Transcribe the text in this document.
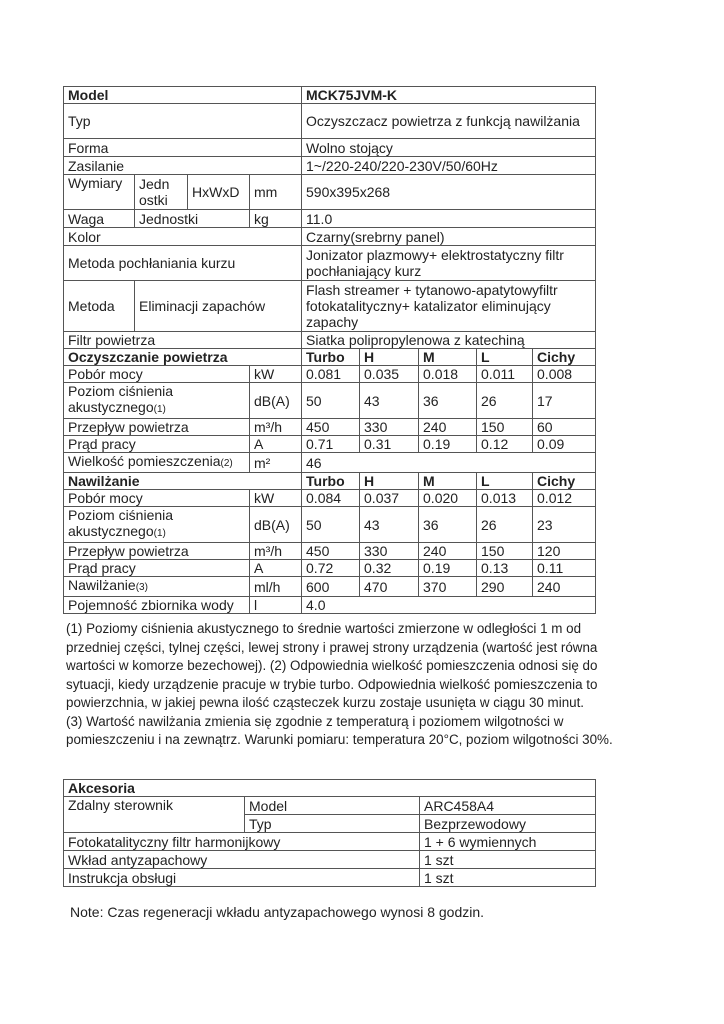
Model				MCK75JVM-K				
Typ				Oczyszczacz powietrza z funkcją nawilżania				
Forma				Wolno stojący				
Zasilanie				1~/220-240/220-230V/50/60Hz				
Wymiary	Jedn ostki	HxWxD	mm	590x395x268				
Waga	Jednostki		kg	11.0				
Kolor				Czarny(srebrny panel)				
Metoda pochłaniania kurzu				Jonizator plazmowy+ elektrostatyczny filtr pochłaniający kurz				
Metoda	Eliminacji zapachów			Flash streamer + tytanowo-apatytowyfiltr fotokatalityczny+ katalizator eliminujący zapachy				
Filtr powietrza				Siatka polipropylenowa z katechiną				
Oczyszczanie powietrza				Turbo	H	M	L	Cichy
Pobór mocy			kW	0.081	0.035	0.018	0.011	0.008
Poziom ciśnienia akustycznego(1)			dB(A)	50	43	36	26	17
Przepływ powietrza			m³/h	450	330	240	150	60
Prąd pracy			A	0.71	0.31	0.19	0.12	0.09
Wielkość pomieszczenia(2)			m²	46				
Nawilżanie				Turbo	H	M	L	Cichy
Pobór mocy			kW	0.084	0.037	0.020	0.013	0.012
Poziom ciśnienia akustycznego(1)			dB(A)	50	43	36	26	23
Przepływ powietrza			m³/h	450	330	240	150	120
Prąd pracy			A	0.72	0.32	0.19	0.13	0.11
Nawilżanie(3)			ml/h	600	470	370	290	240
Pojemność zbiornika wody			l	4.0				

(1) Poziomy ciśnienia akustycznego to średnie wartości zmierzone w odległości 1 m od przedniej części, tylnej części, lewej strony i prawej strony urządzenia (wartość jest równa wartości w komorze bezechowej). (2) Odpowiednia wielkość pomieszczenia odnosi się do sytuacji, kiedy urządzenie pracuje w trybie turbo. Odpowiednia wielkość pomieszczenia to powierzchnia, w jakiej pewna ilość cząsteczek kurzu zostaje usunięta w ciągu 30 minut.

(3) Wartość nawilżania zmienia się zgodnie z temperaturą i poziomem wilgotności w pomieszczeniu i na zewnątrz. Warunki pomiaru: temperatura 20°C, poziom wilgotności 30%.

Akcesoria		
Zdalny sterownik	Model	ARC458A4
	Typ	Bezprzewodowy
Fotokatalityczny filtr harmonijkowy		1 + 6 wymiennych
Wkład antyzapachowy		1 szt
Instrukcja obsługi		1 szt
Note: Czas regeneracji wkładu antyzapachowego wynosi 8 godzin.
